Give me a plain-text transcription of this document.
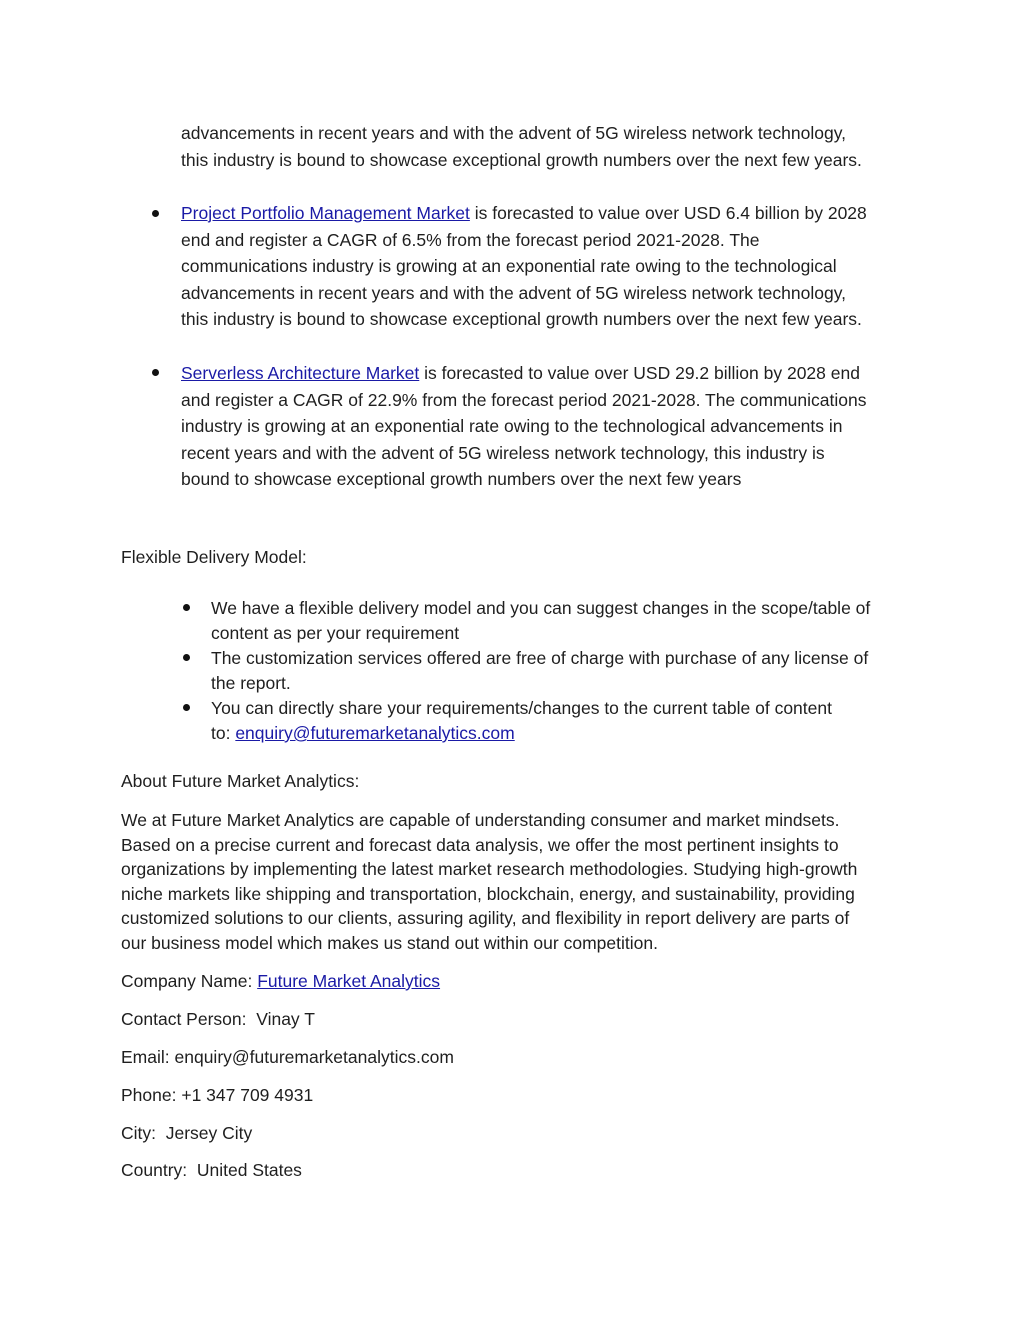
advancements in recent years and with the advent of 5G wireless network technology,
this industry is bound to showcase exceptional growth numbers over the next few years.
Project Portfolio Management Market is forecasted to value over USD 6.4 billion by 2028
end and register a CAGR of 6.5% from the forecast period 2021-2028. The
communications industry is growing at an exponential rate owing to the technological
advancements in recent years and with the advent of 5G wireless network technology,
this industry is bound to showcase exceptional growth numbers over the next few years.
Serverless Architecture Market is forecasted to value over USD 29.2 billion by 2028 end
and register a CAGR of 22.9% from the forecast period 2021-2028. The communications
industry is growing at an exponential rate owing to the technological advancements in
recent years and with the advent of 5G wireless network technology, this industry is
bound to showcase exceptional growth numbers over the next few years
Flexible Delivery Model:
We have a flexible delivery model and you can suggest changes in the scope/table of
content as per your requirement
The customization services offered are free of charge with purchase of any license of
the report.
You can directly share your requirements/changes to the current table of content
to: enquiry@futuremarketanalytics.com
About Future Market Analytics:
We at Future Market Analytics are capable of understanding consumer and market mindsets.
Based on a precise current and forecast data analysis, we offer the most pertinent insights to
organizations by implementing the latest market research methodologies. Studying high-growth
niche markets like shipping and transportation, blockchain, energy, and sustainability, providing
customized solutions to our clients, assuring agility, and flexibility in report delivery are parts of
our business model which makes us stand out within our competition.
Company Name: Future Market Analytics
Contact Person:  Vinay T
Email: enquiry@futuremarketanalytics.com
Phone: +1 347 709 4931
City:  Jersey City
Country:  United States
